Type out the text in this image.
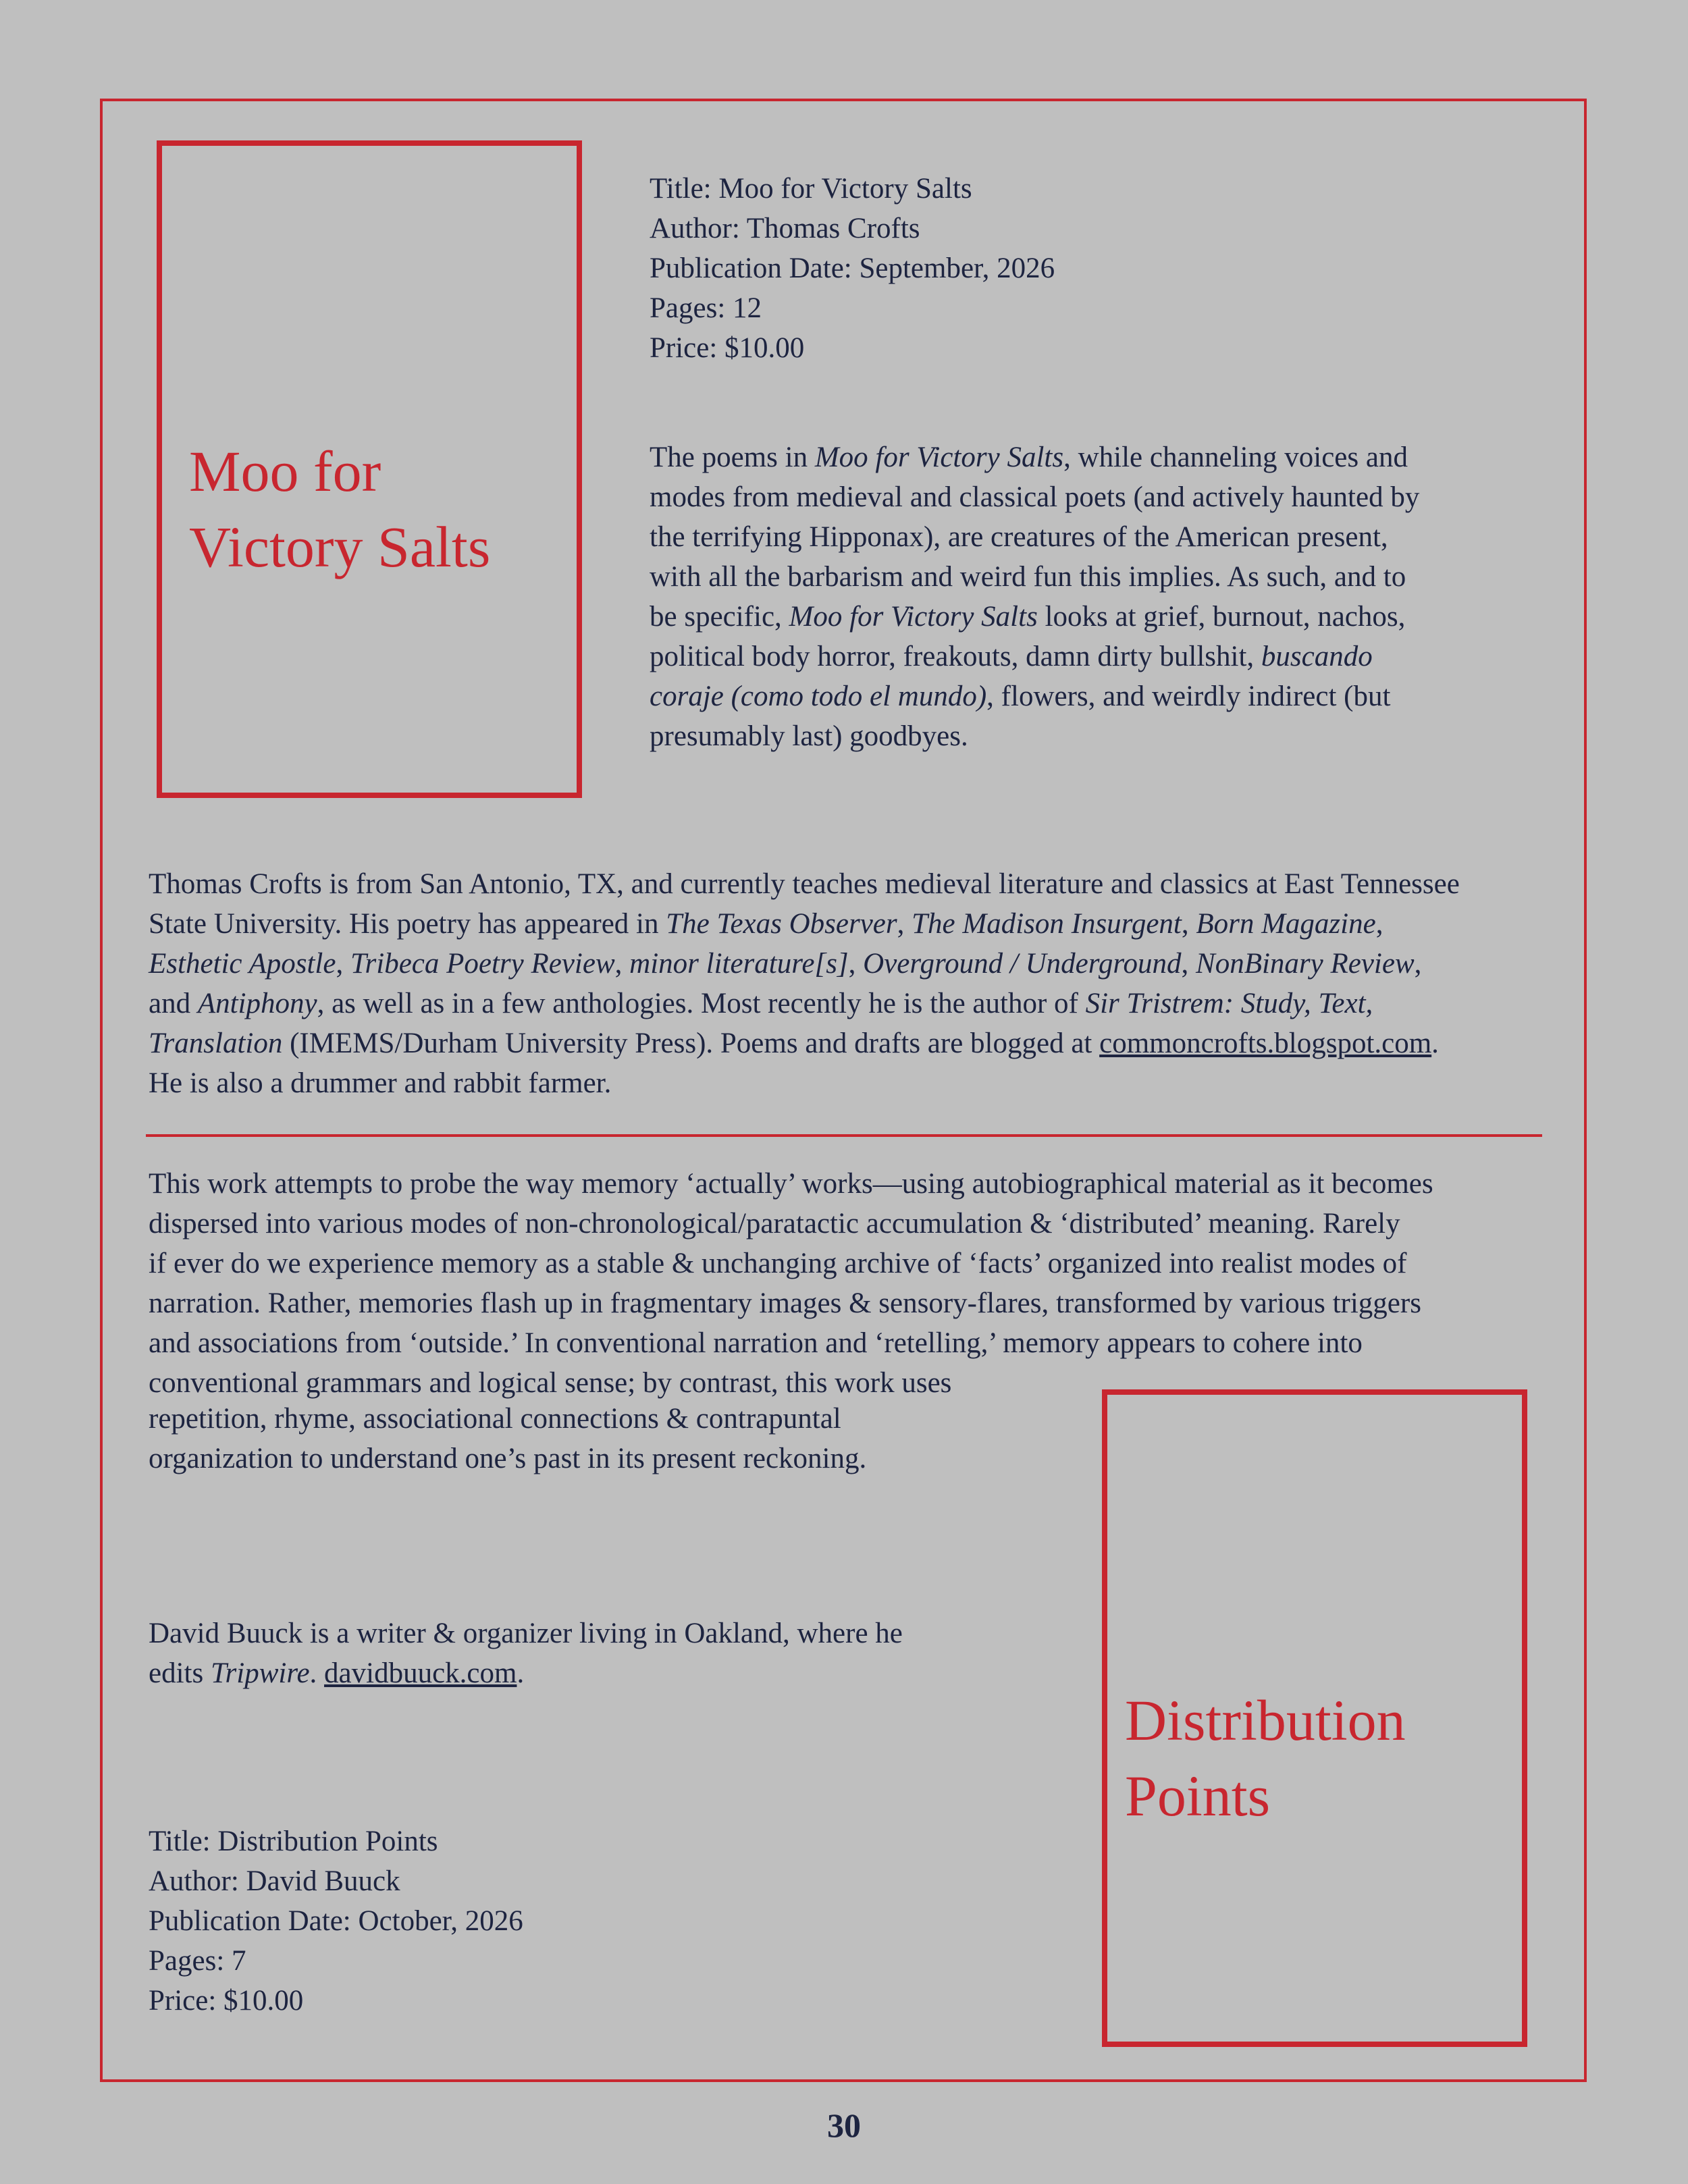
Moo for
Victory Salts
Title: Moo for Victory Salts
Author: Thomas Crofts
Publication Date: September, 2026
Pages: 12
Price: $10.00
The poems in Moo for Victory Salts, while channeling voices and
modes from medieval and classical poets (and actively haunted by
the terrifying Hipponax), are creatures of the American present,
with all the barbarism and weird fun this implies. As such, and to
be specific, Moo for Victory Salts looks at grief, burnout, nachos,
political body horror, freakouts, damn dirty bullshit, buscando
coraje (como todo el mundo), flowers, and weirdly indirect (but
presumably last) goodbyes.
Thomas Crofts is from San Antonio, TX, and currently teaches medieval literature and classics at East Tennessee
State University. His poetry has appeared in The Texas Observer, The Madison Insurgent, Born Magazine,
Esthetic Apostle, Tribeca Poetry Review, minor literature[s], Overground / Underground, NonBinary Review,
and Antiphony, as well as in a few anthologies. Most recently he is the author of Sir Tristrem: Study, Text,
Translation (IMEMS/Durham University Press). Poems and drafts are blogged at commoncrofts.blogspot.com.
He is also a drummer and rabbit farmer.
This work attempts to probe the way memory ‘actually’ works—using autobiographical material as it becomes
dispersed into various modes of non-chronological/paratactic accumulation & ‘distributed’ meaning. Rarely
if ever do we experience memory as a stable & unchanging archive of ‘facts’ organized into realist modes of
narration. Rather, memories flash up in fragmentary images & sensory-flares, transformed by various triggers
and associations from ‘outside.’ In conventional narration and ‘retelling,’ memory appears to cohere into
conventional grammars and logical sense; by contrast, this work uses
repetition, rhyme, associational connections & contrapuntal
organization to understand one’s past in its present reckoning.
Distribution
Points
David Buuck is a writer & organizer living in Oakland, where he
edits Tripwire. davidbuuck.com.
Title: Distribution Points
Author: David Buuck
Publication Date: October, 2026
Pages: 7
Price: $10.00
30
